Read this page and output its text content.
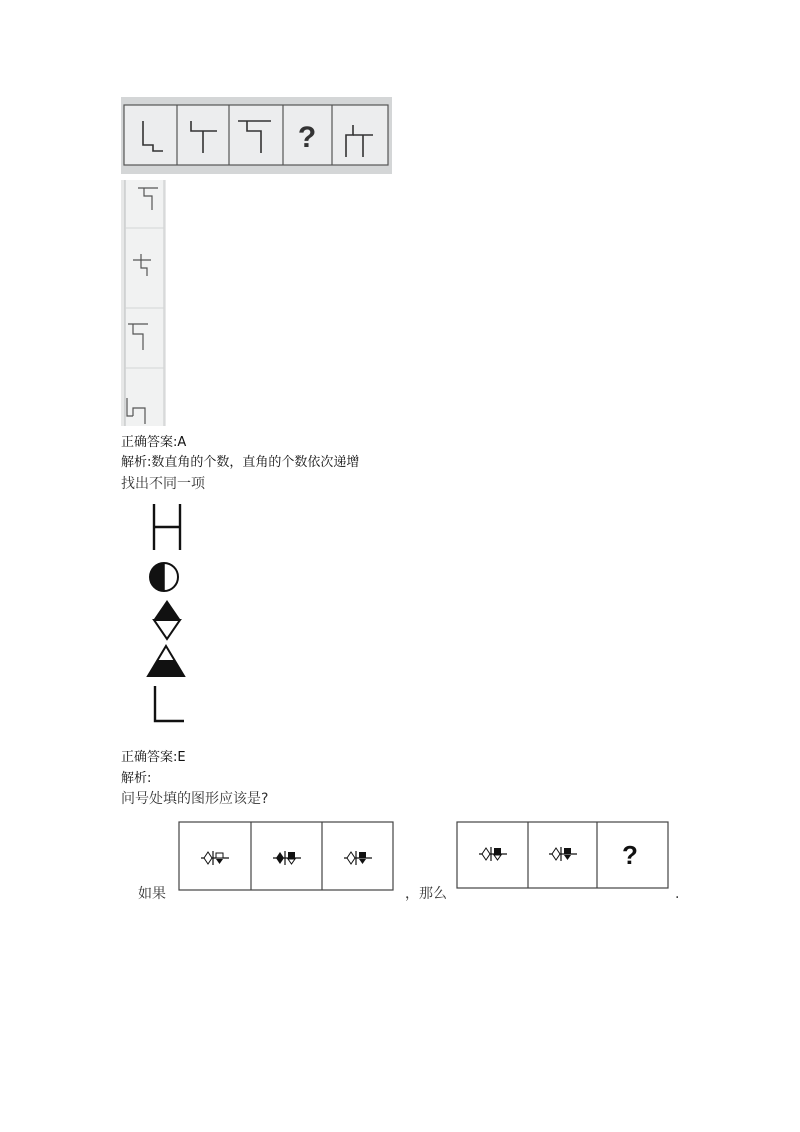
?
正确答案:A
解析:数直角的个数，直角的个数依次递增
找出不同一项
正确答案:E
解析:
问号处填的图形应该是?
?
如果	，那么	.
